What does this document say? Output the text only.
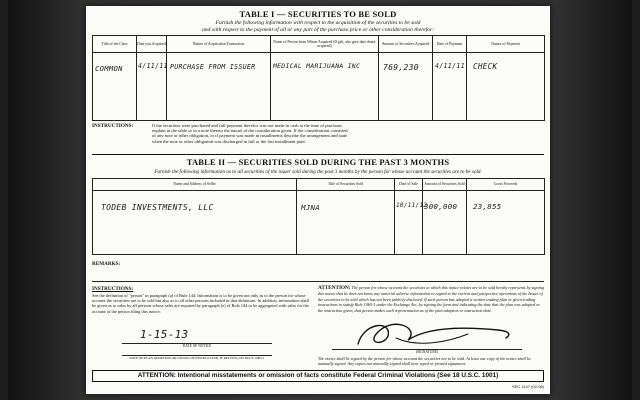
TABLE I — SECURITIES TO BE SOLD
Furnish the following information with respect to the acquisition of the securities to be sold
and with respect to the payment of all or any part of the purchase price or other consideration therefor:
Title of the Class	Date you Acquired	Nature of Acquisition Transaction	Name of Person from Whom Acquired (If gift, also give date donor acquired)	Amount of Securities Acquired	Date of Payment	Nature of Payment

COMMON	4/11/11	PURCHASE FROM ISSUER	MEDICAL MARIJUANA INC	769,230	4/11/11	CHECK
INSTRUCTIONS:	If the securities were purchased and full payment therefor was not made in cash at the time of purchase, explain in the table or in a note thereto the nature of the consideration given. If the consideration consisted of any note or other obligation, or if payment was made in installments describe the arrangement and state when the note or other obligation was discharged in full or the last installment paid.
TABLE II — SECURITIES SOLD DURING THE PAST 3 MONTHS
Furnish the following information as to all securities of the issuer sold during the past 3 months by the person for whose account the securities are to be sold.
Name and Address of Seller	Title of Securities Sold	Date of Sale	Amount of Securities Sold	Gross Proceeds

TODEB INVESTMENTS, LLC	MJNA	10/11/12	300,000	23,855
REMARKS:
INSTRUCTIONS:
See the definition of "person" in paragraph (a) of Rule 144. Information is to be given not only as to the person for whose account the securities are to be sold but also as to all other persons included in that definition. In addition, information shall be given as to sales by all persons whose sales are required by paragraph (e) of Rule 144 to be aggregated with sales for the account of the person filing this notice.
ATTENTION: The person for whose account the securities to which this notice relates are to be sold hereby represents by signing this notice that he does not know any material adverse information in regard to the current and prospective operations of the Issuer of the securities to be sold which has not been publicly disclosed. If such person has adopted a written trading plan or given trading instructions to satisfy Rule 10b5-1 under the Exchange Act, by signing the form and indicating the date that the plan was adopted or the instruction given, that person makes such representation as of the plan adoption or instruction date.
1-15-13
DATE OF NOTICE
DATE OF PLAN ADOPTION OR GIVING OF INSTRUCTION, IF RELYING ON RULE 10B5-1
(SIGNATURE)
The notice shall be signed by the person for whose account the securities are to be sold. At least one copy of the notice shall be manually signed. Any copies not manually signed shall bear typed or printed signatures.
ATTENTION: Intentional misstatements or omission of facts constitute Federal Criminal Violations (See 18 U.S.C. 1001)
SEC 1147 (02-08)
